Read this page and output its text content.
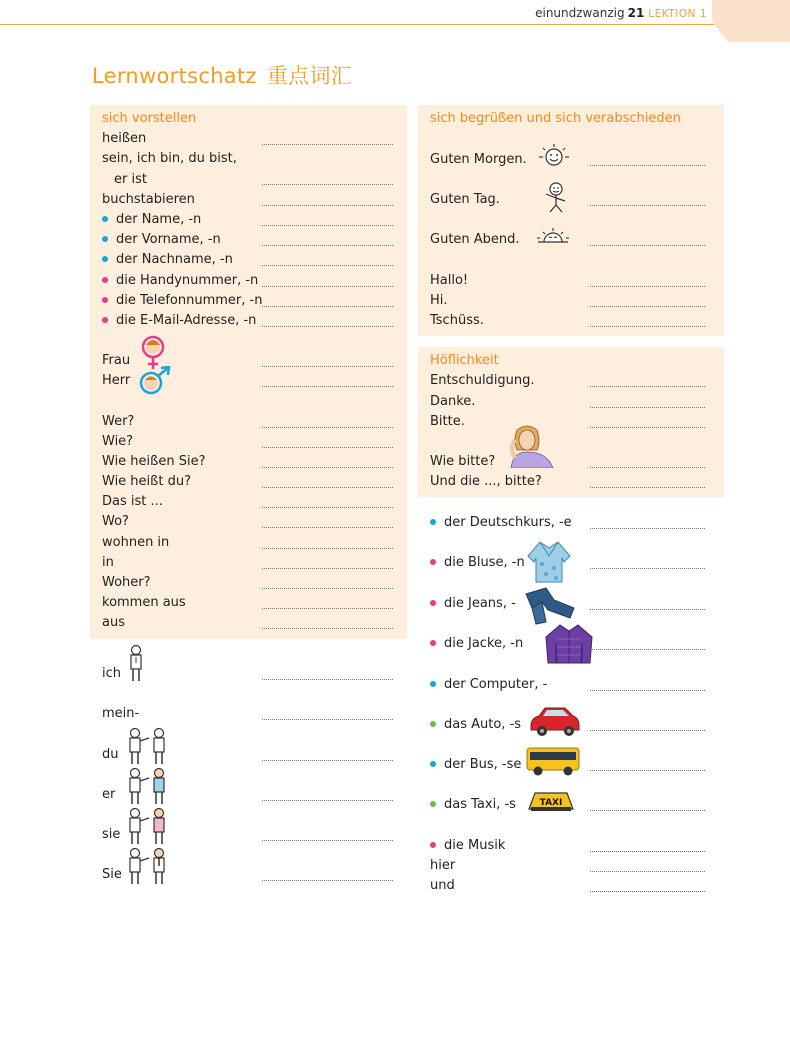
einundzwanzig 21 LEKTION 1
Lernwortschatz 重点词汇
sich vorstellen
heißen
sein, ich bin, du bist,
er ist
buchstabieren
der Name, -n
der Vorname, -n
der Nachname, -n
die Handynummer, -n
die Telefonnummer, -n
die E-Mail-Adresse, -n
Frau
Herr
Wer?
Wie?
Wie heißen Sie?
Wie heißt du?
Das ist ...
Wo?
wohnen in
in
Woher?
kommen aus
aus
ich
mein-
du
er
sie
Sie
sich begrüßen und sich verabschieden
Guten Morgen.
Guten Tag.
Guten Abend.
Hallo!
Hi.
Tschüss.
Höflichkeit
Entschuldigung.
Danke.
Bitte.
Wie bitte?
Und die ..., bitte?
der Deutschkurs, -e
die Bluse, -n
die Jeans, -
die Jacke, -n
der Computer, -
das Auto, -s
der Bus, -se
das Taxi, -s
die Musik
hier
und
TAXI
